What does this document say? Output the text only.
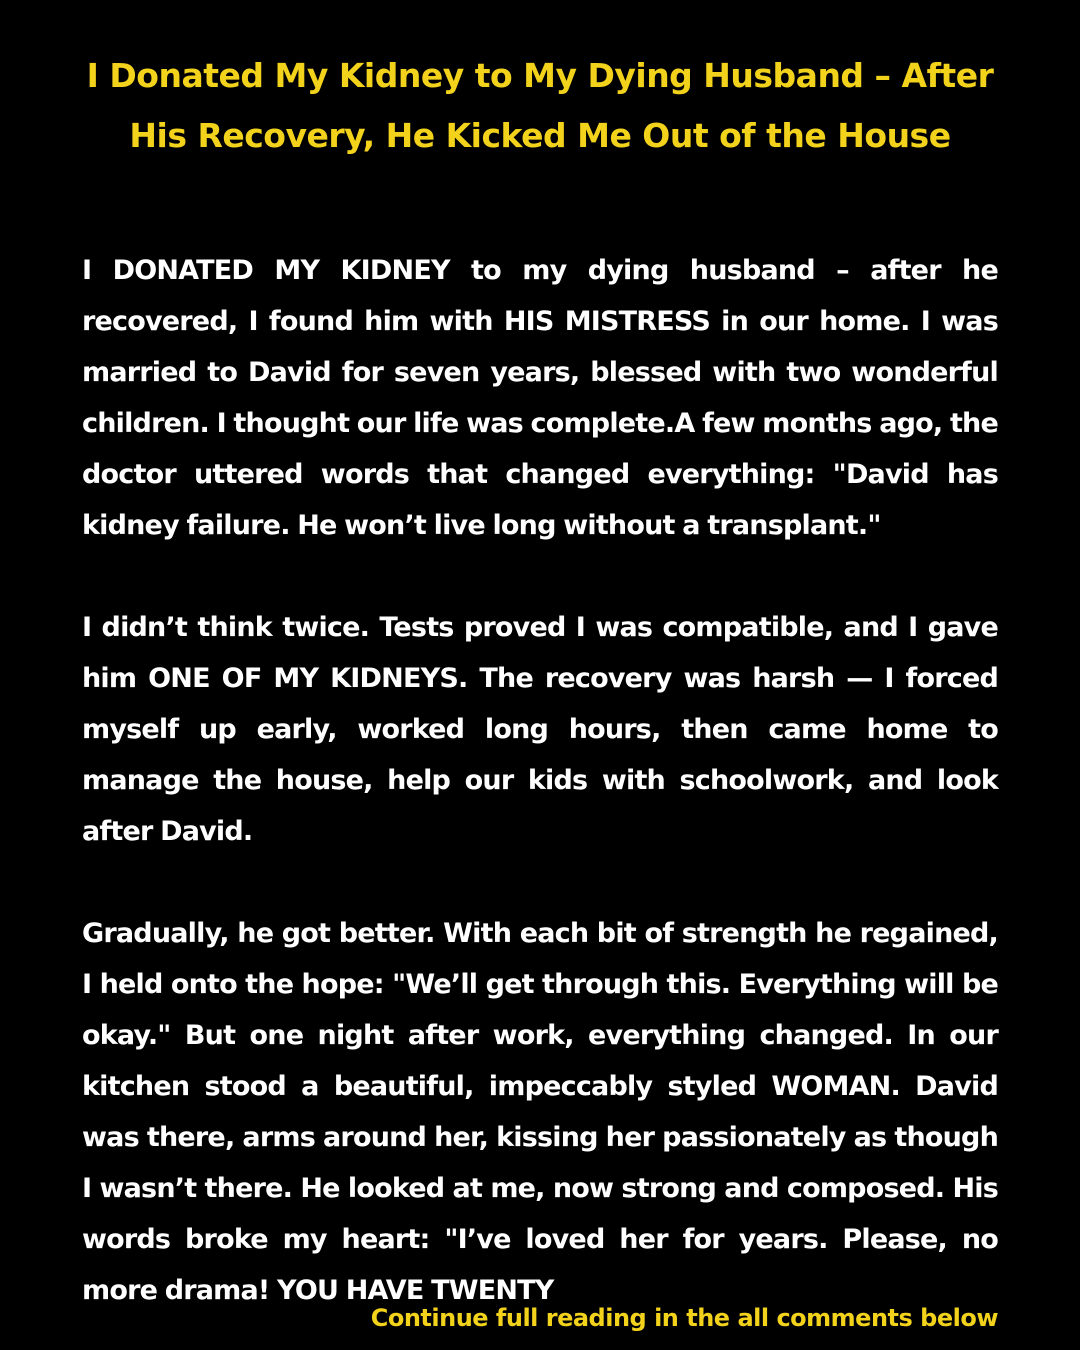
I Donated My Kidney to My Dying Husband – After His Recovery, He Kicked Me Out of the House

I DONATED MY KIDNEY to my dying husband – after he recovered, I found him with HIS MISTRESS in our home. I was married to David for seven years, blessed with two wonderful children. I thought our life was complete.A few months ago, the doctor uttered words that changed everything: "David has kidney failure. He won’t live long without a transplant."

I didn’t think twice. Tests proved I was compatible, and I gave him ONE OF MY KIDNEYS. The recovery was harsh — I forced myself up early, worked long hours, then came home to manage the house, help our kids with schoolwork, and look after David.

Gradually, he got better. With each bit of strength he regained, I held onto the hope: "We’ll get through this. Everything will be okay." But one night after work, everything changed. In our kitchen stood a beautiful, impeccably styled WOMAN. David was there, arms around her, kissing her passionately as though I wasn’t there. He looked at me, now strong and composed. His words broke my heart: "I’ve loved her for years. Please, no more drama! YOU HAVE TWENTY

Continue full reading in the all comments below
